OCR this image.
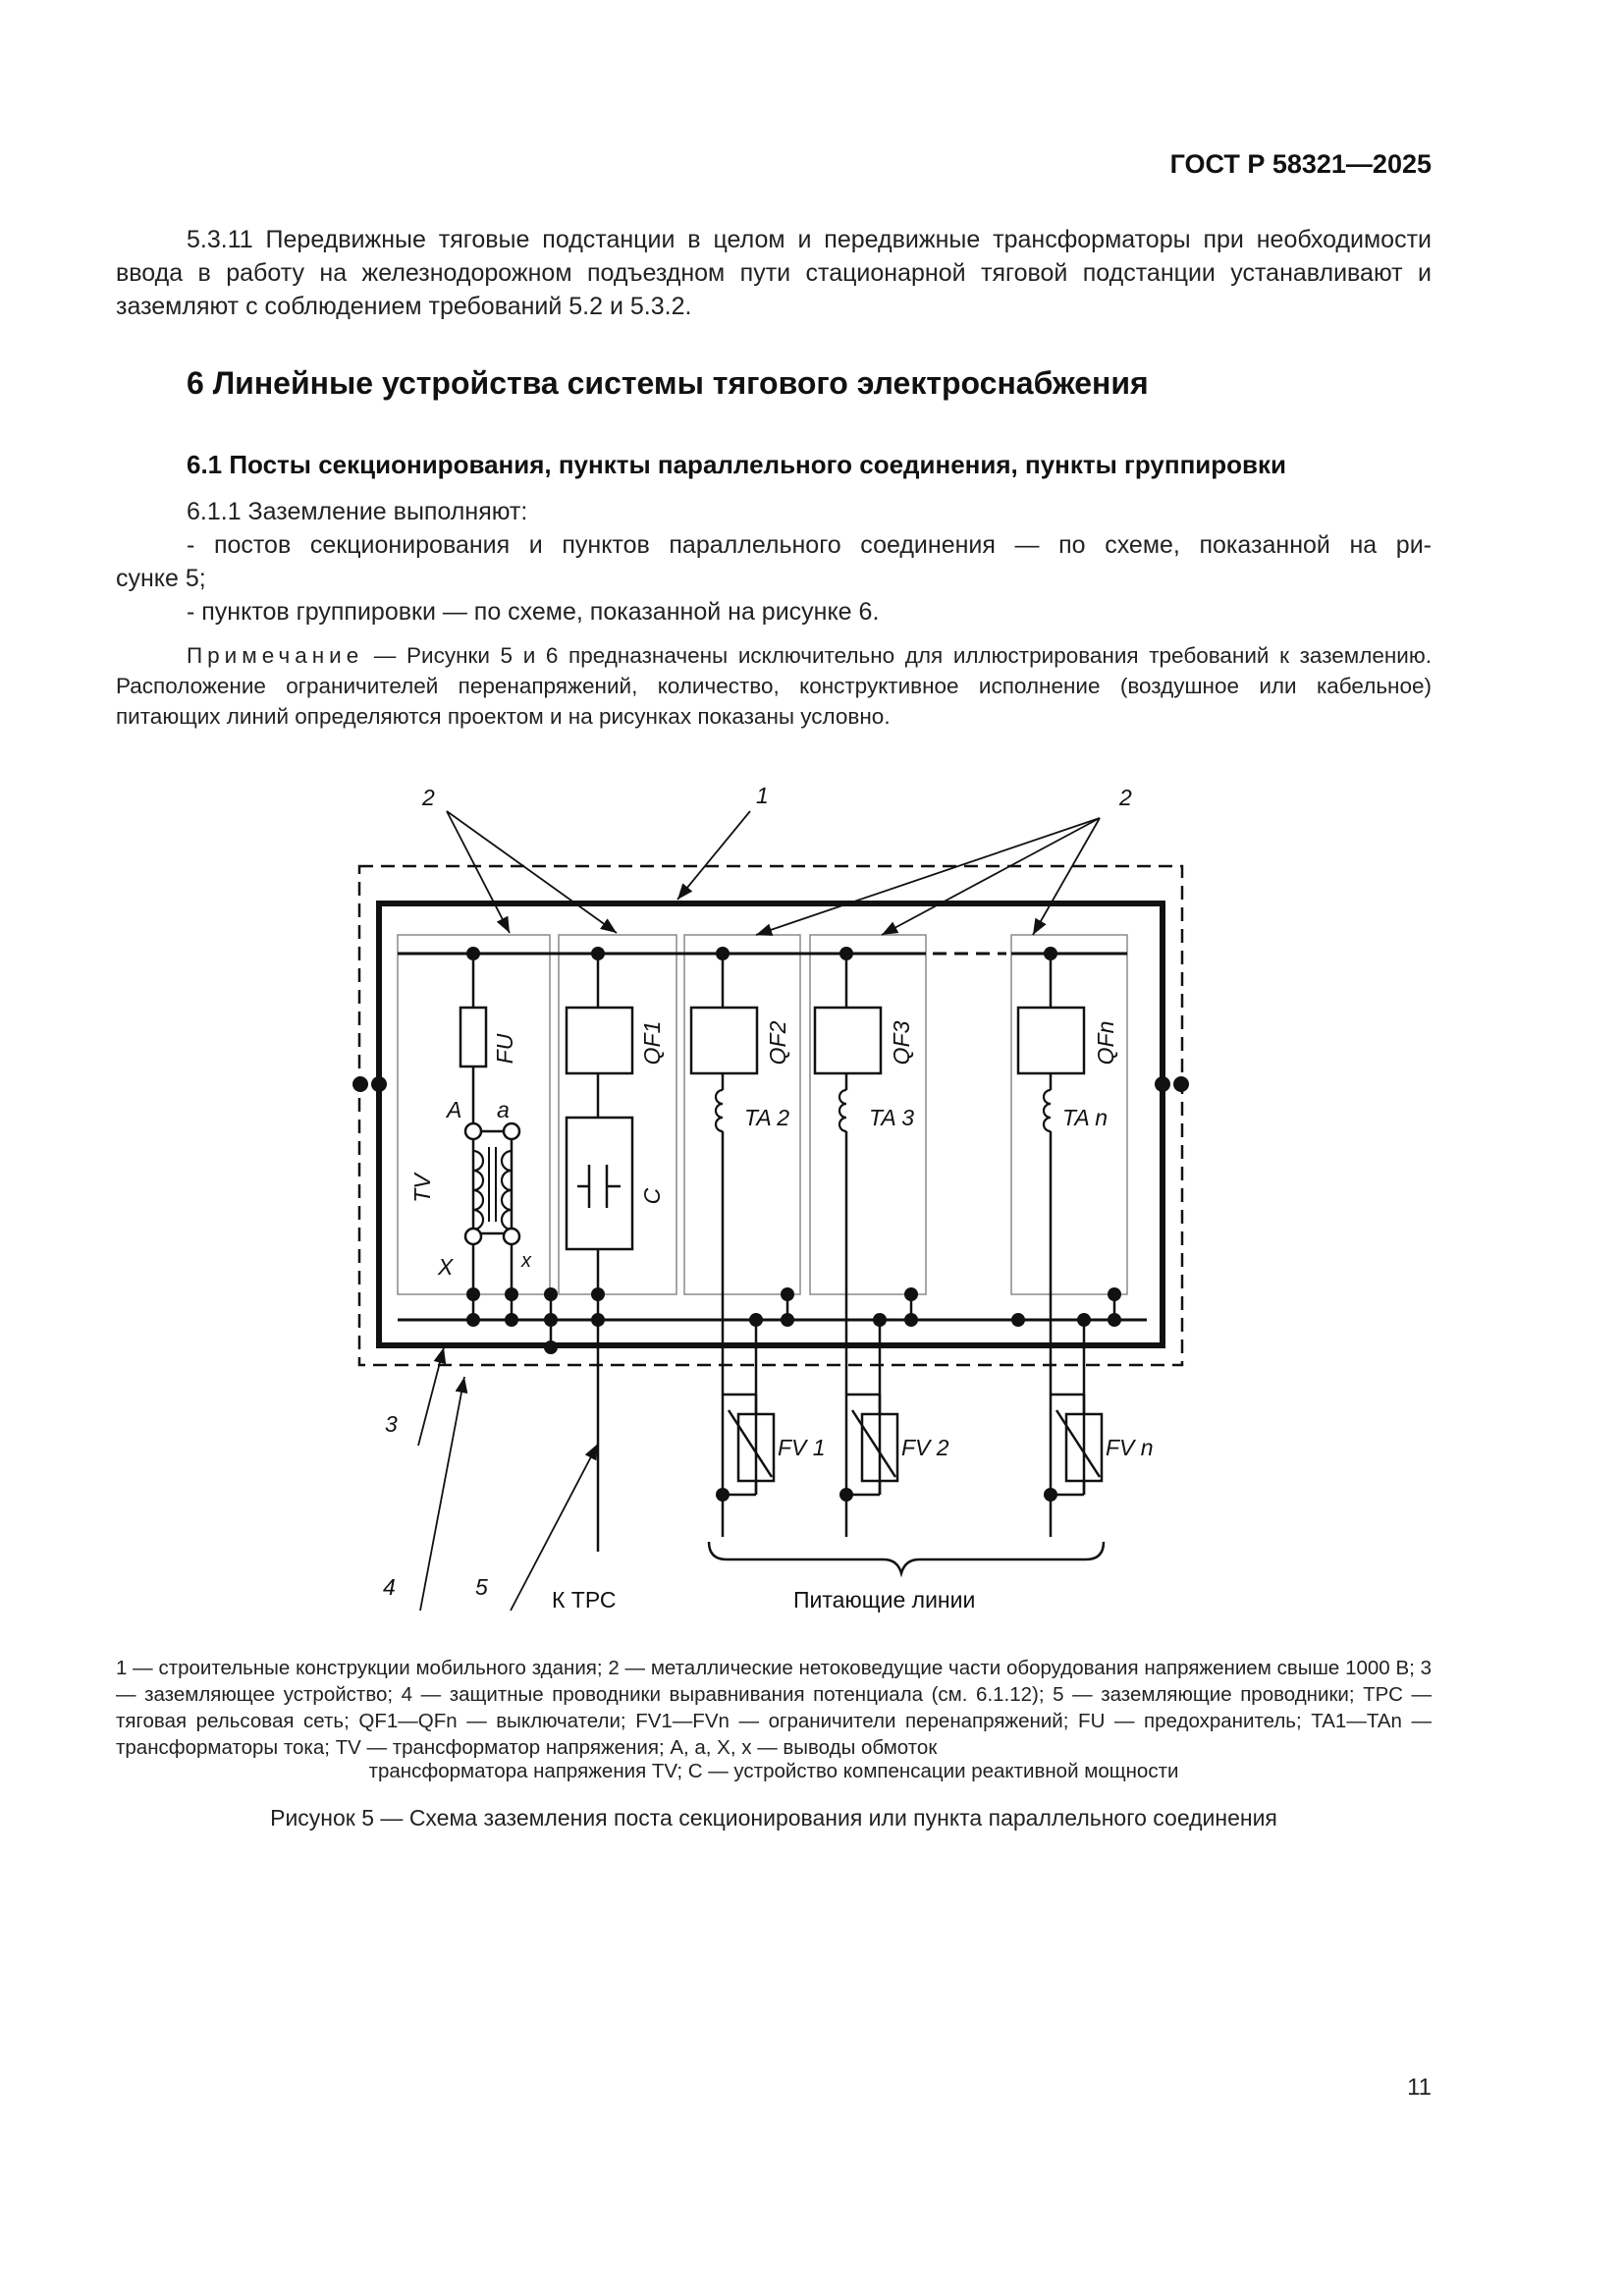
ГОСТ Р 58321—2025
5.3.11 Передвижные тяговые подстанции в целом и передвижные трансформаторы при необходимости ввода в работу на железнодорожном подъездном пути стационарной тяговой подстанции устанавливают и заземляют с соблюдением требований 5.2 и 5.3.2.
6 Линейные устройства системы тягового электроснабжения
6.1 Посты секционирования, пункты параллельного соединения, пункты группировки
6.1.1 Заземление выполняют:
- постов секционирования и пунктов параллельного соединения — по схеме, показанной на ри-
сунке 5;
- пунктов группировки — по схеме, показанной на рисунке 6.
Примечание — Рисунки 5 и 6 предназначены исключительно для иллюстрирования требований к заземлению. Расположение ограничителей перенапряжений, количество, конструктивное исполнение (воздушное или кабельное) питающих линий определяются проектом и на рисунках показаны условно.
2	1	2
3
4	5
A a
X	x
FU
TV
QF1
C
QF2	QF3	QFn
TA 2	TA 3	TA n
FV 1	FV 2	FV n
К ТРС	Питающие линии
1 — строительные конструкции мобильного здания; 2 — металлические нетоковедущие части оборудования напряжением свыше 1000 В; 3 — заземляющее устройство; 4 — защитные проводники выравнивания потенциала (см. 6.1.12); 5 — заземляющие проводники; ТРС — тяговая рельсовая сеть; QF1—QFn — выключатели; FV1—FVn — ограничители перенапряжений; FU — предохранитель; TA1—TAn — трансформаторы тока; TV — трансформатор напряжения; A, a, X, x — выводы обмоток
трансформатора напряжения TV; C — устройство компенсации реактивной мощности
Рисунок 5 — Схема заземления поста секционирования или пункта параллельного соединения
11
